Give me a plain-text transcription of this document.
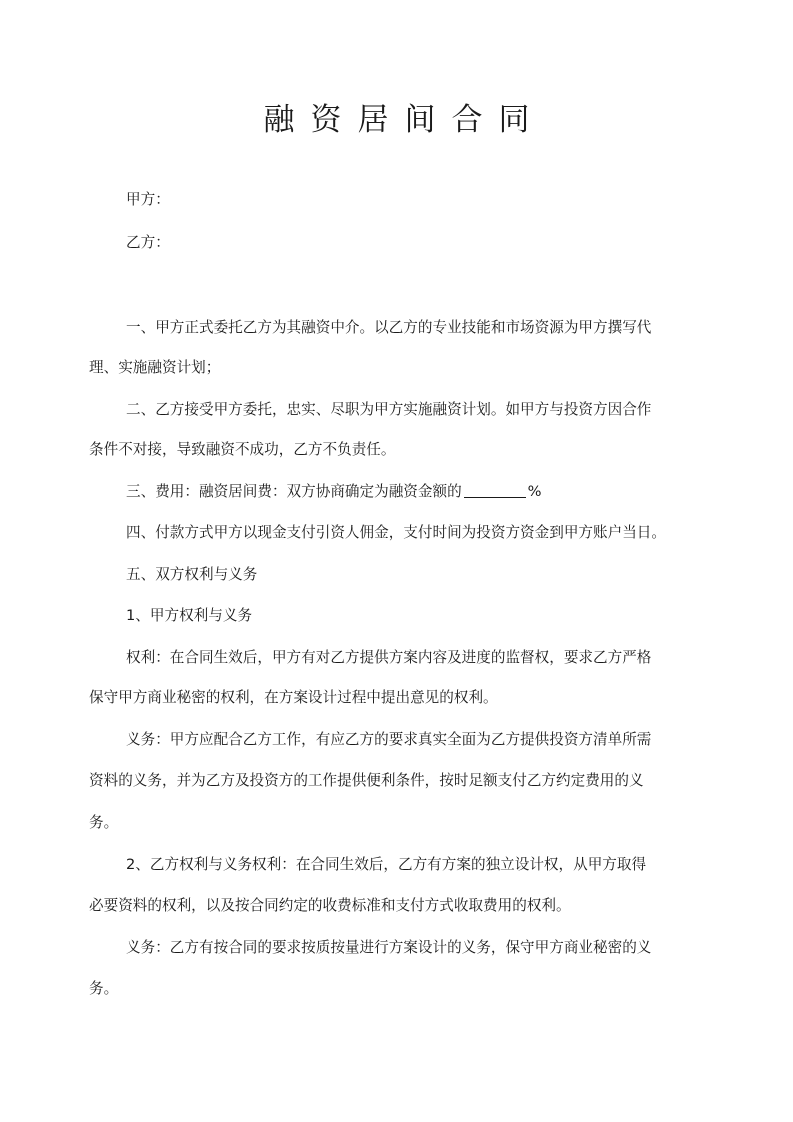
融资居间合同
甲方：
乙方：
一、甲方正式委托乙方为其融资中介。以乙方的专业技能和市场资源为甲方撰写代
理、实施融资计划；
二、乙方接受甲方委托，忠实、尽职为甲方实施融资计划。如甲方与投资方因合作
条件不对接，导致融资不成功，乙方不负责任。
三、费用：融资居间费：双方协商确定为融资金额的	%
四、付款方式甲方以现金支付引资人佣金，支付时间为投资方资金到甲方账户当日。
五、双方权利与义务
1、甲方权利与义务
权利：在合同生效后，甲方有对乙方提供方案内容及进度的监督权，要求乙方严格
保守甲方商业秘密的权利，在方案设计过程中提出意见的权利。
义务：甲方应配合乙方工作，有应乙方的要求真实全面为乙方提供投资方清单所需
资料的义务，并为乙方及投资方的工作提供便利条件，按时足额支付乙方约定费用的义
务。
2、乙方权利与义务权利：在合同生效后，乙方有方案的独立设计权，从甲方取得
必要资料的权利，以及按合同约定的收费标准和支付方式收取费用的权利。
义务：乙方有按合同的要求按质按量进行方案设计的义务，保守甲方商业秘密的义
务。
